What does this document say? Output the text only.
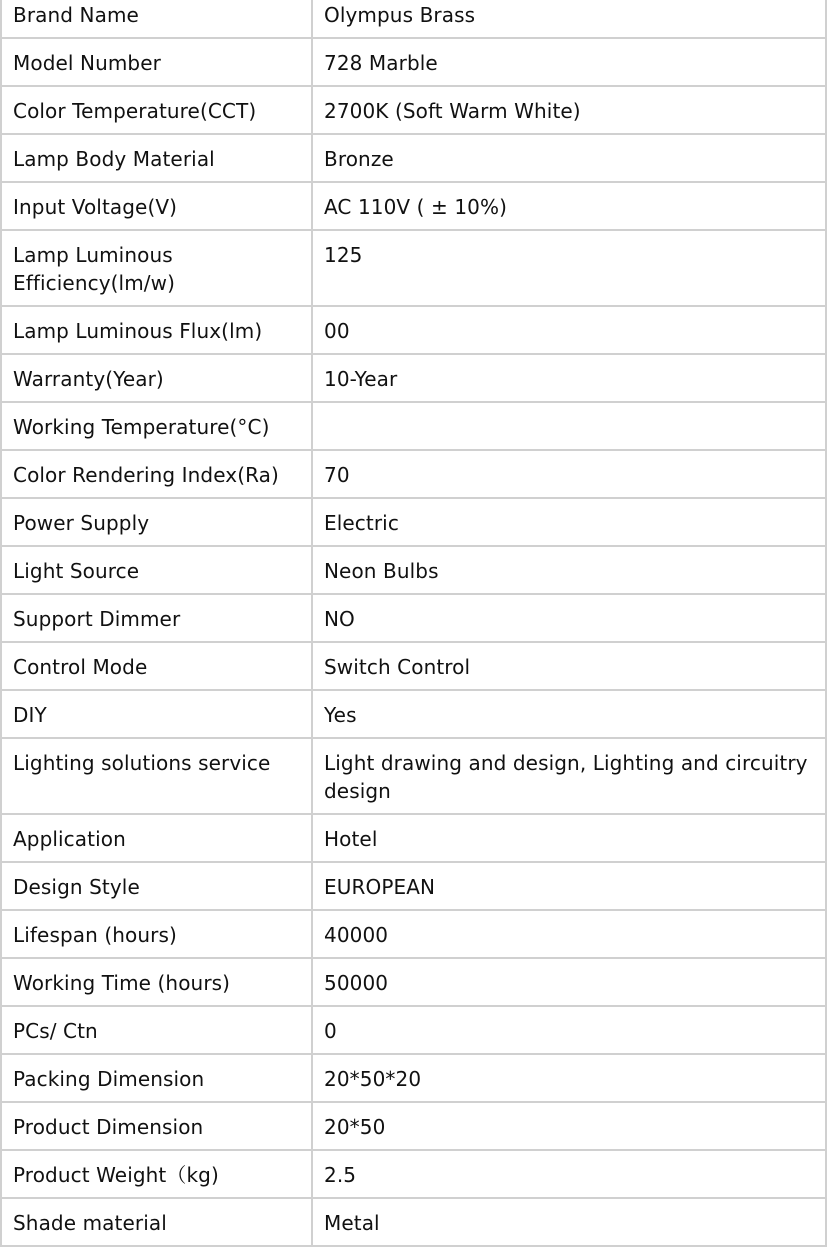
Brand Name	Olympus Brass
Model Number	728 Marble
Color Temperature(CCT)	2700K (Soft Warm White)
Lamp Body Material	Bronze
Input Voltage(V)	AC 110V ( ± 10%)
Lamp Luminous Efficiency(lm/w)	125
Lamp Luminous Flux(lm)	00
Warranty(Year)	10-Year
Working Temperature(°C)	
Color Rendering Index(Ra)	70
Power Supply	Electric
Light Source	Neon Bulbs
Support Dimmer	NO
Control Mode	Switch Control
DIY	Yes
Lighting solutions service	Light drawing and design, Lighting and circuitry design
Application	Hotel
Design Style	EUROPEAN
Lifespan (hours)	40000
Working Time (hours)	50000
PCs/ Ctn	0
Packing Dimension	20*50*20
Product Dimension	20*50
Product Weight（kg)	2.5
Shade material	Metal
